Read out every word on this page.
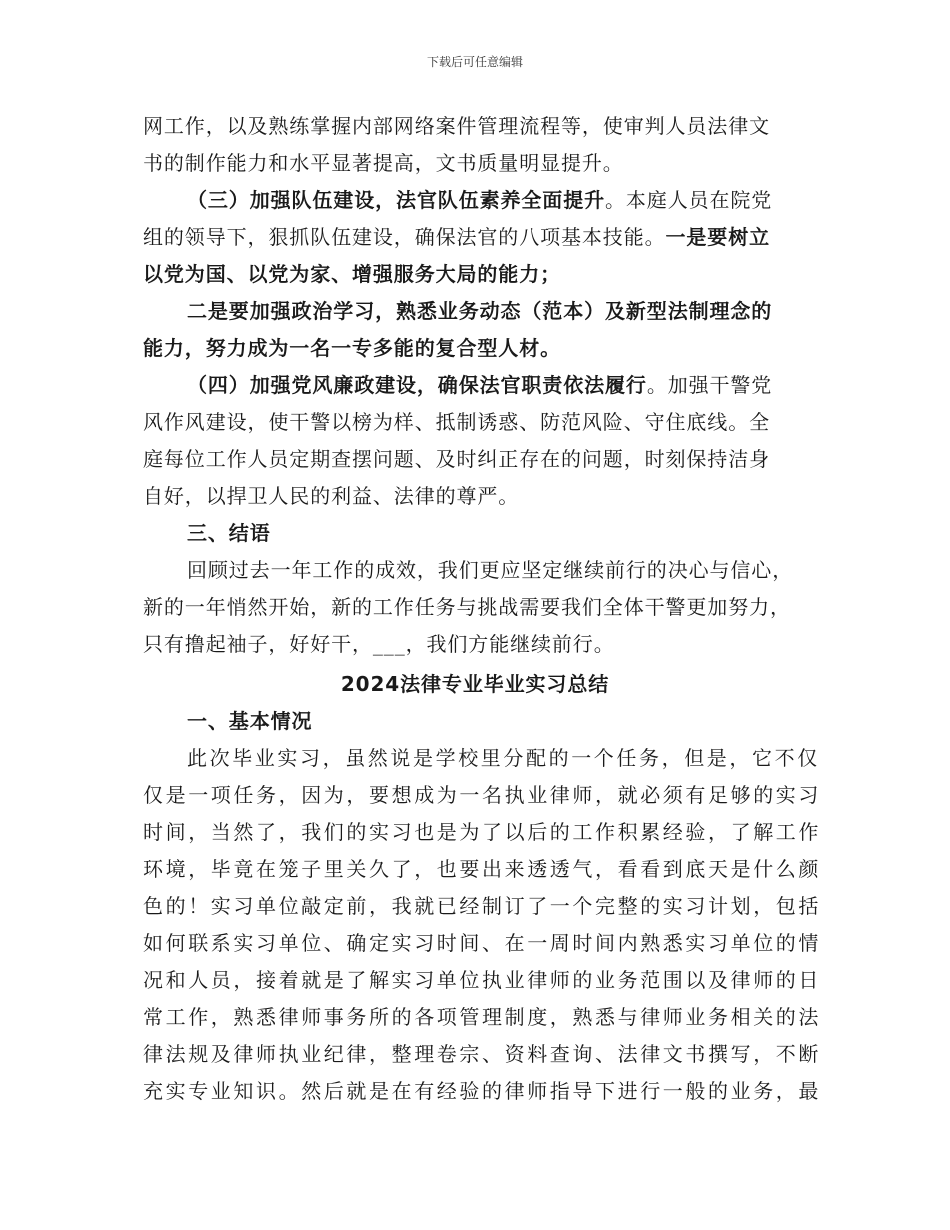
下载后可任意编辑
网工作，以及熟练掌握内部网络案件管理流程等，使审判人员法律文
书的制作能力和水平显著提高，文书质量明显提升。
（三）加强队伍建设，法官队伍素养全面提升。本庭人员在院党
组的领导下，狠抓队伍建设，确保法官的八项基本技能。一是要树立
以党为国、以党为家、增强服务大局的能力；
二是要加强政治学习，熟悉业务动态（范本）及新型法制理念的
能力，努力成为一名一专多能的复合型人材。
（四）加强党风廉政建设，确保法官职责依法履行。加强干警党
风作风建设，使干警以榜为样、抵制诱惑、防范风险、守住底线。全
庭每位工作人员定期查摆问题、及时纠正存在的问题，时刻保持洁身
自好，以捍卫人民的利益、法律的尊严。
三、结语
回顾过去一年工作的成效，我们更应坚定继续前行的决心与信心，
新的一年悄然开始，新的工作任务与挑战需要我们全体干警更加努力，
只有撸起袖子，好好干，___，我们方能继续前行。
2024法律专业毕业实习总结
一、基本情况
此次毕业实习，虽然说是学校里分配的一个任务，但是，它不仅
仅是一项任务，因为，要想成为一名执业律师，就必须有足够的实习
时间，当然了，我们的实习也是为了以后的工作积累经验，了解工作
环境，毕竟在笼子里关久了，也要出来透透气，看看到底天是什么颜
色的！实习单位敲定前，我就已经制订了一个完整的实习计划，包括
如何联系实习单位、确定实习时间、在一周时间内熟悉实习单位的情
况和人员，接着就是了解实习单位执业律师的业务范围以及律师的日
常工作，熟悉律师事务所的各项管理制度，熟悉与律师业务相关的法
律法规及律师执业纪律，整理卷宗、资料查询、法律文书撰写，不断
充实专业知识。然后就是在有经验的律师指导下进行一般的业务，最
